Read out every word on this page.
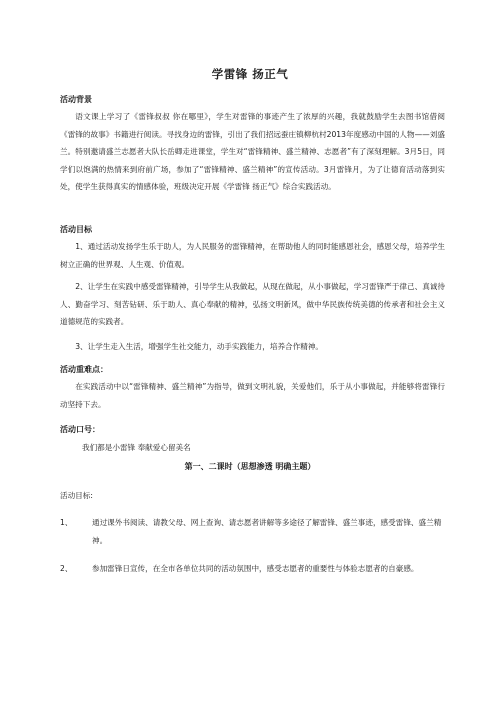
学雷锋 扬正气
活动背景
语文课上学习了《雷锋叔叔 你在哪里》，学生对雷锋的事迹产生了浓厚的兴趣，我就鼓励学生去图书馆借阅《雷锋的故事》书籍进行阅读。寻找身边的雷锋，引出了我们招远蚕庄镇柳杭村2013年度感动中国的人物——刘盛兰。特别邀请盛兰志愿者大队长岳卿走进课堂，学生对“雷锋精神、盛兰精神、志愿者”有了深刻理解。3月5日，同学们以饱满的热情来到府前广场，参加了“雷锋精神、盛兰精神”的宣传活动。3月雷锋月，为了让德育活动落到实处，使学生获得真实的情感体验，班级决定开展《学雷锋 扬正气》综合实践活动。
活动目标
1、通过活动发扬学生乐于助人，为人民服务的雷锋精神，在帮助他人的同时能感恩社会，感恩父母，培养学生树立正确的世界观、人生观、价值观。
2、让学生在实践中感受雷锋精神，引导学生从我做起，从现在做起，从小事做起，学习雷锋严于律己、真诚待人、勤奋学习、刻苦钻研、乐于助人、真心奉献的精神，弘扬文明新风，做中华民族传统美德的传承者和社会主义道德规范的实践者。
3、让学生走入生活，增强学生社交能力，动手实践能力，培养合作精神。
活动重难点：
在实践活动中以“雷锋精神、盛兰精神”为指导，做到文明礼貌，关爱他们，乐于从小事做起，并能够将雷锋行动坚持下去。
活动口号：
我们都是小雷锋 奉献爱心留美名
第一、二课时（思想渗透 明确主题）
活动目标:
1、	通过课外书阅读、请教父母、网上查询、请志愿者讲解等多途径了解雷锋、盛兰事迹，感受雷锋、盛兰精神。
2、	参加雷锋日宣传，在全市各单位共同的活动氛围中，感受志愿者的重要性与体验志愿者的自豪感。
